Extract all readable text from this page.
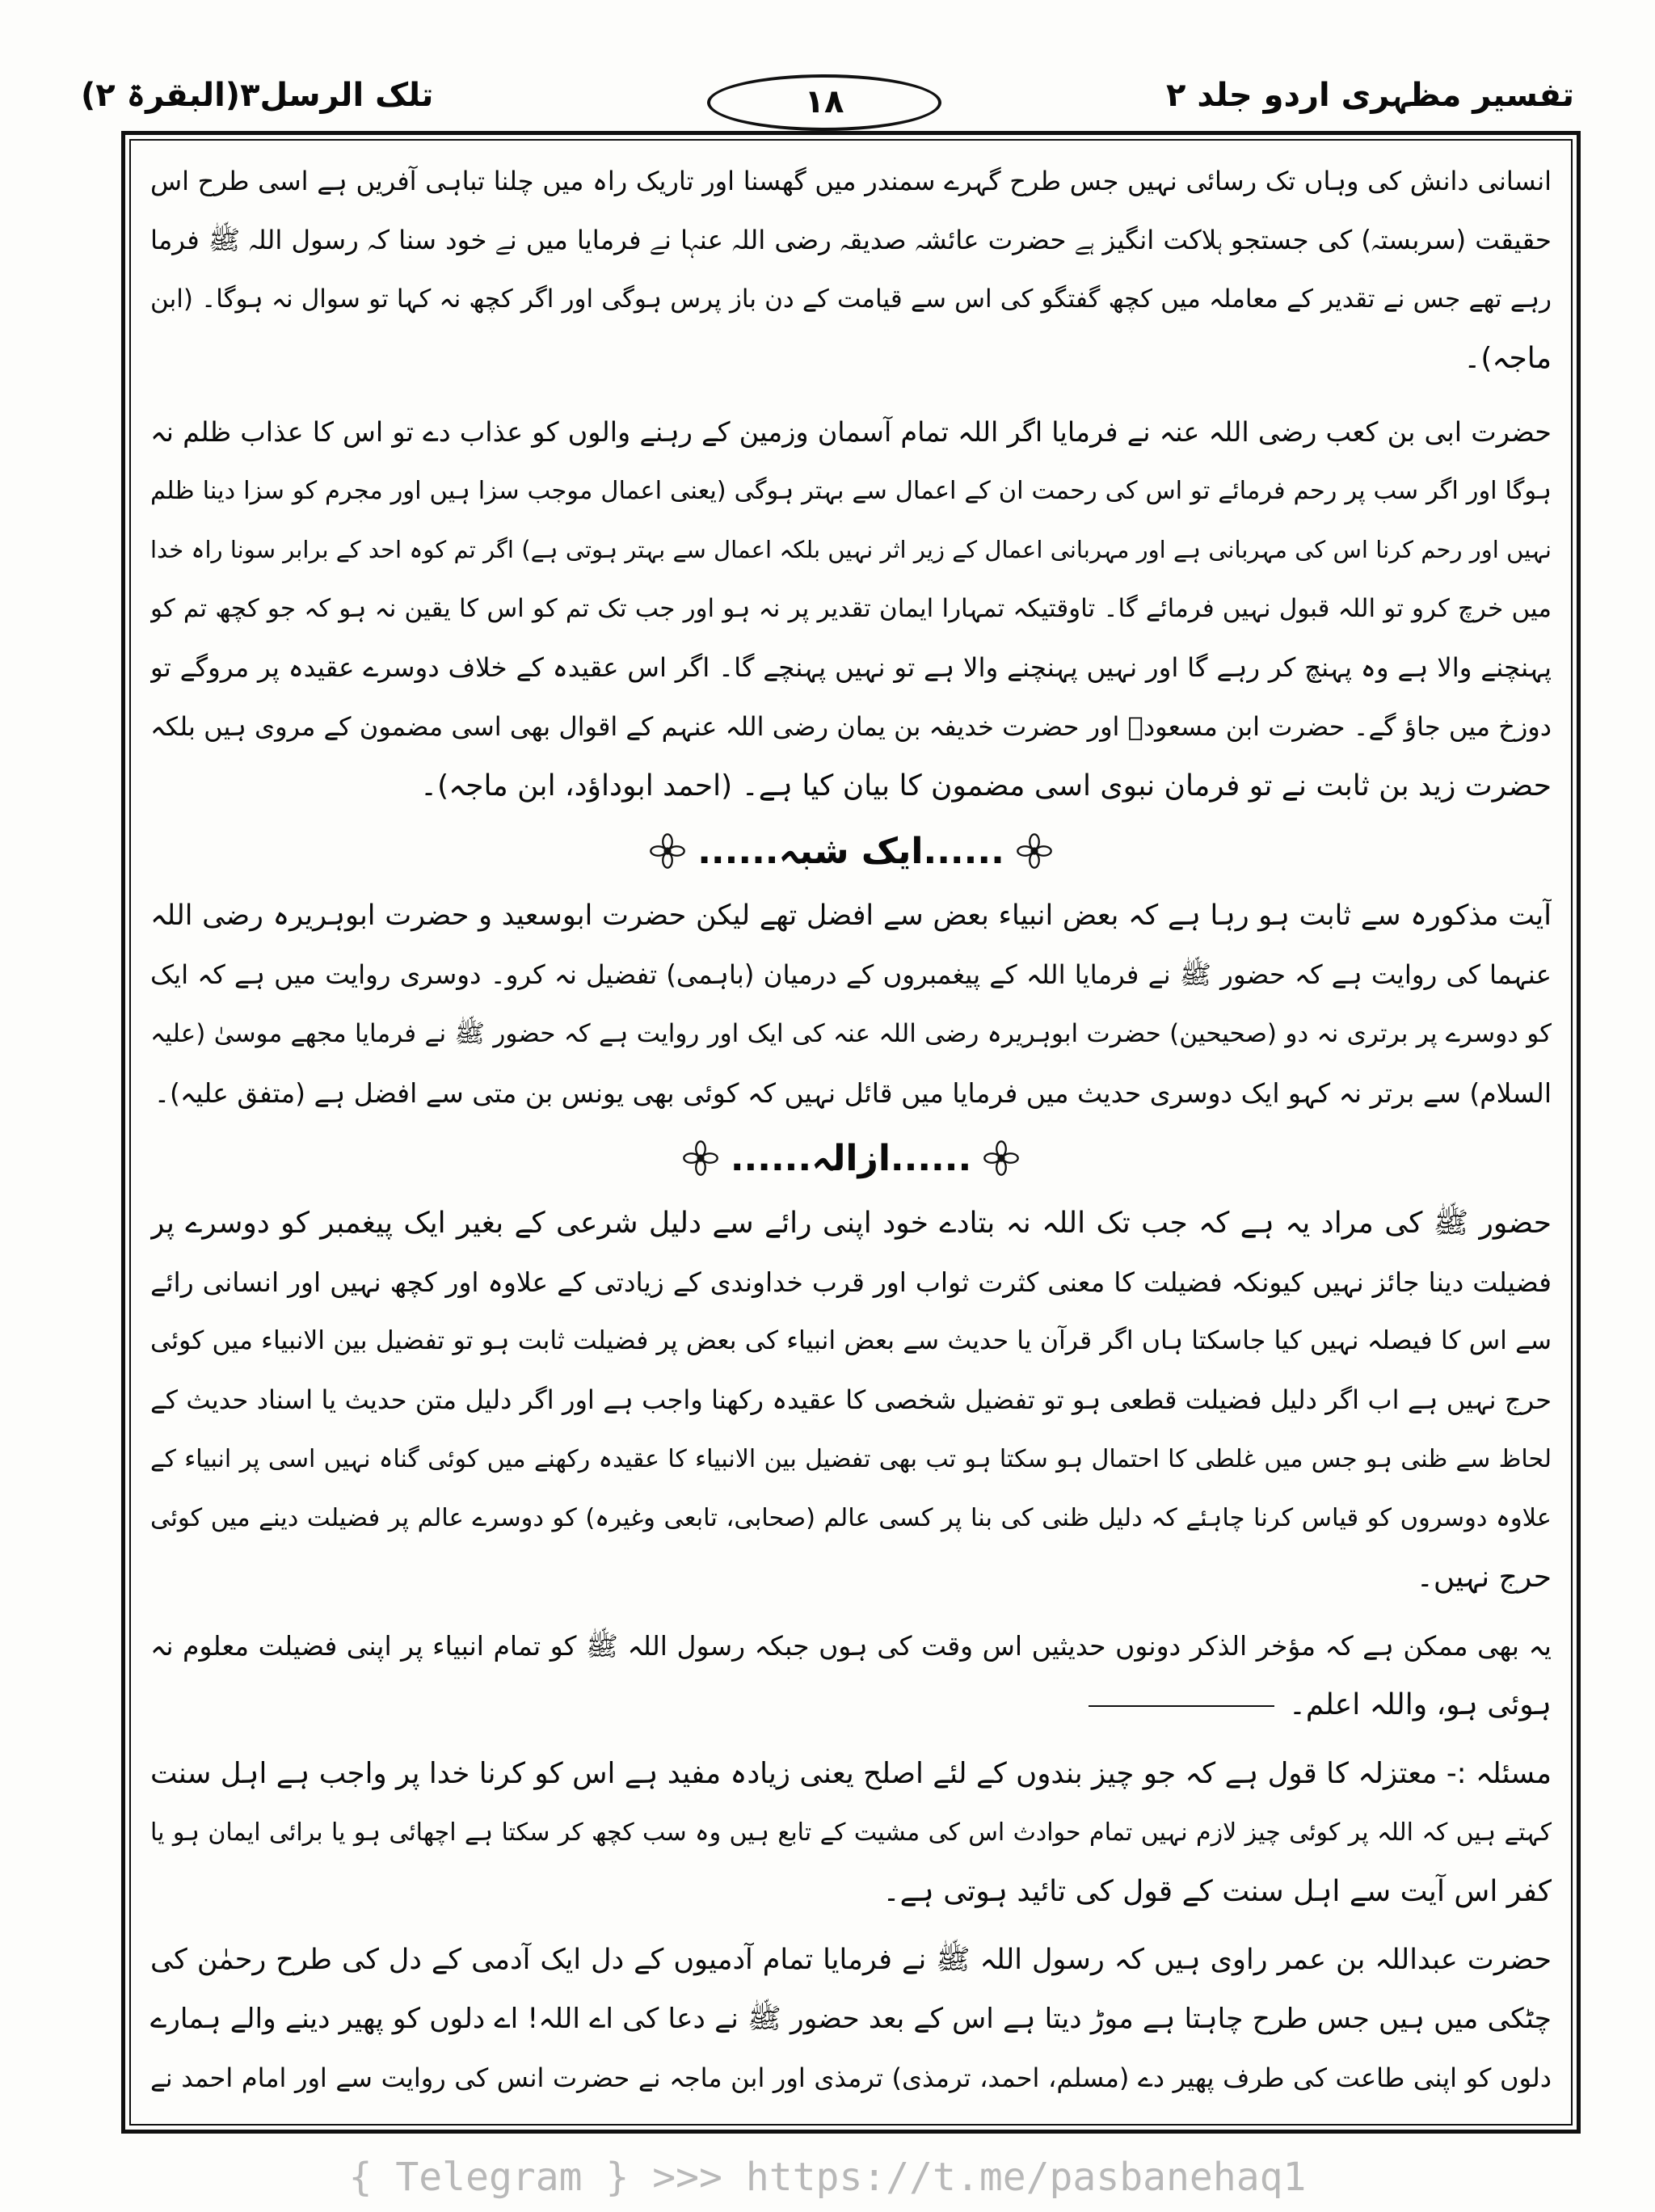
تفسیر مظہری اردو جلد ۲
۱۸
تلک الرسل۳(البقرۃ ۲)
انسانی دانش کی وہاں تک رسائی نہیں جس طرح گہرے سمندر میں گھسنا اور تاریک راہ میں چلنا تباہی آفریں ہے اسی طرح اس
حقیقت (سربستہ) کی جستجو ہلاکت انگیز ہے حضرت عائشہ صدیقہ رضی اللہ عنہا نے فرمایا میں نے خود سنا کہ رسول اللہ ﷺ فرما
رہے تھے جس نے تقدیر کے معاملہ میں کچھ گفتگو کی اس سے قیامت کے دن باز پرس ہوگی اور اگر کچھ نہ کہا تو سوال نہ ہوگا۔ (ابن
ماجہ)۔
حضرت ابی بن کعب رضی اللہ عنہ نے فرمایا اگر اللہ تمام آسمان وزمین کے رہنے والوں کو عذاب دے تو اس کا عذاب ظلم نہ
ہوگا اور اگر سب پر رحم فرمائے تو اس کی رحمت ان کے اعمال سے بہتر ہوگی (یعنی اعمال موجب سزا ہیں اور مجرم کو سزا دینا ظلم
نہیں اور رحم کرنا اس کی مہربانی ہے اور مہربانی اعمال کے زیر اثر نہیں بلکہ اعمال سے بہتر ہوتی ہے) اگر تم کوہ احد کے برابر سونا راہ خدا
میں خرچ کرو تو اللہ قبول نہیں فرمائے گا۔ تاوقتیکہ تمہارا ایمان تقدیر پر نہ ہو اور جب تک تم کو اس کا یقین نہ ہو کہ جو کچھ تم کو
پہنچنے والا ہے وہ پہنچ کر رہے گا اور نہیں پہنچنے والا ہے تو نہیں پہنچے گا۔ اگر اس عقیدہ کے خلاف دوسرے عقیدہ پر مروگے تو
دوزخ میں جاؤ گے۔ حضرت ابن مسعودؓ اور حضرت خدیفہ بن یمان رضی اللہ عنہم کے اقوال بھی اسی مضمون کے مروی ہیں بلکہ
حضرت زید بن ثابت نے تو فرمان نبوی اسی مضمون کا بیان کیا ہے۔ (احمد ابوداؤد، ابن ماجہ)۔
......ایک شبہ......
آیت مذکورہ سے ثابت ہو رہا ہے کہ بعض انبیاء بعض سے افضل تھے لیکن حضرت ابوسعید و حضرت ابوہریرہ رضی اللہ
عنہما کی روایت ہے کہ حضور ﷺ نے فرمایا اللہ کے پیغمبروں کے درمیان (باہمی) تفضیل نہ کرو۔ دوسری روایت میں ہے کہ ایک
کو دوسرے پر برتری نہ دو (صحیحین) حضرت ابوہریرہ رضی اللہ عنہ کی ایک اور روایت ہے کہ حضور ﷺ نے فرمایا مجھے موسیٰ (علیہ
السلام) سے برتر نہ کہو ایک دوسری حدیث میں فرمایا میں قائل نہیں کہ کوئی بھی یونس بن متی سے افضل ہے (متفق علیہ)۔
......ازالہ......
حضور ﷺ کی مراد یہ ہے کہ جب تک اللہ نہ بتادے خود اپنی رائے سے دلیل شرعی کے بغیر ایک پیغمبر کو دوسرے پر
فضیلت دینا جائز نہیں کیونکہ فضیلت کا معنی کثرت ثواب اور قرب خداوندی کے زیادتی کے علاوہ اور کچھ نہیں اور انسانی رائے
سے اس کا فیصلہ نہیں کیا جاسکتا ہاں اگر قرآن یا حدیث سے بعض انبیاء کی بعض پر فضیلت ثابت ہو تو تفضیل بین الانبیاء میں کوئی
حرج نہیں ہے اب اگر دلیل فضیلت قطعی ہو تو تفضیل شخصی کا عقیدہ رکھنا واجب ہے اور اگر دلیل متن حدیث یا اسناد حدیث کے
لحاظ سے ظنی ہو جس میں غلطی کا احتمال ہو سکتا ہو تب بھی تفضیل بین الانبیاء کا عقیدہ رکھنے میں کوئی گناہ نہیں اسی پر انبیاء کے
علاوہ دوسروں کو قیاس کرنا چاہئے کہ دلیل ظنی کی بنا پر کسی عالم (صحابی، تابعی وغیرہ) کو دوسرے عالم پر فضیلت دینے میں کوئی
حرج نہیں۔
یہ بھی ممکن ہے کہ مؤخر الذکر دونوں حدیثیں اس وقت کی ہوں جبکہ رسول اللہ ﷺ کو تمام انبیاء پر اپنی فضیلت معلوم نہ
ہوئی ہو، واللہ اعلم۔
مسئلہ :- معتزلہ کا قول ہے کہ جو چیز بندوں کے لئے اصلح یعنی زیادہ مفید ہے اس کو کرنا خدا پر واجب ہے اہل سنت
کہتے ہیں کہ اللہ پر کوئی چیز لازم نہیں تمام حوادث اس کی مشیت کے تابع ہیں وہ سب کچھ کر سکتا ہے اچھائی ہو یا برائی ایمان ہو یا
کفر اس آیت سے اہل سنت کے قول کی تائید ہوتی ہے۔
حضرت عبداللہ بن عمر راوی ہیں کہ رسول اللہ ﷺ نے فرمایا تمام آدمیوں کے دل ایک آدمی کے دل کی طرح رحمٰن کی
چٹکی میں ہیں جس طرح چاہتا ہے موڑ دیتا ہے اس کے بعد حضور ﷺ نے دعا کی اے اللہ! اے دلوں کو پھیر دینے والے ہمارے
دلوں کو اپنی طاعت کی طرف پھیر دے (مسلم، احمد، ترمذی) ترمذی اور ابن ماجہ نے حضرت انس کی روایت سے اور امام احمد نے
{ Telegram } >>> https://t.me/pasbanehaq1
